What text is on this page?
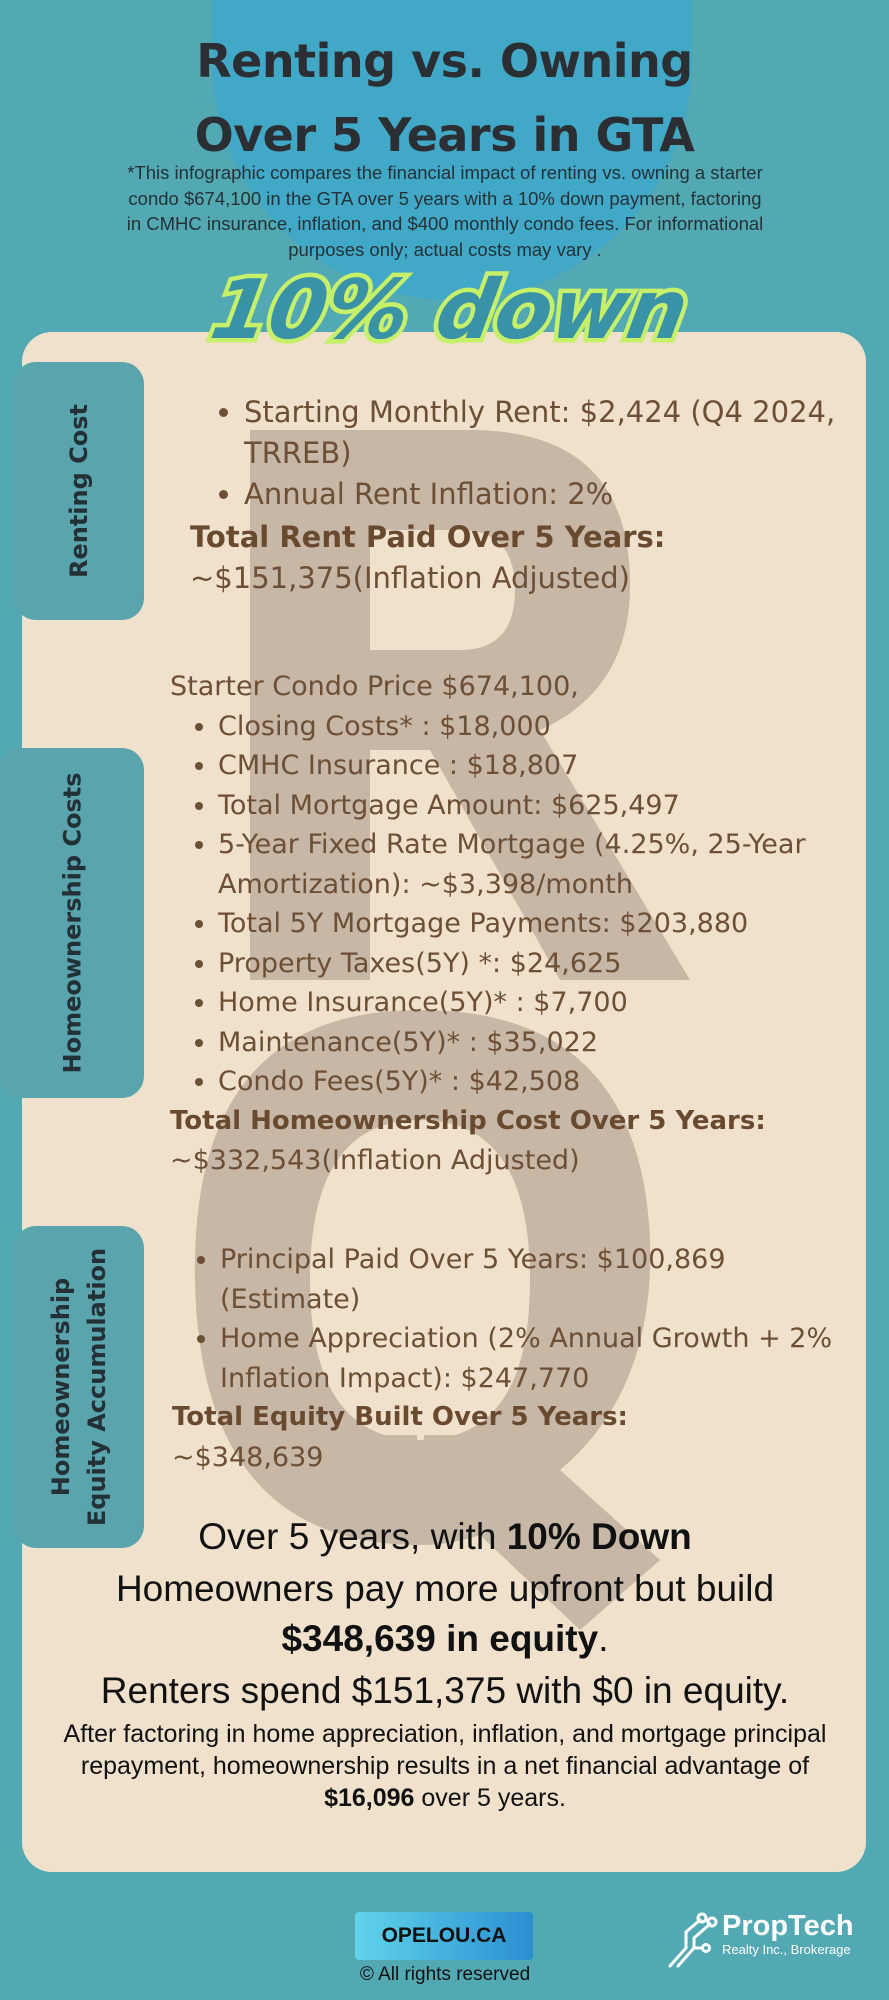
Renting vs. Owning
Over 5 Years in GTA
*This infographic compares the financial impact of renting vs. owning a starter condo $674,100 in the GTA over 5 years with a 10% down payment, factoring in CMHC insurance, inflation, and $400 monthly condo fees. For informational purposes only; actual costs may vary .
10% down
Renting Cost	• Starting Monthly Rent: $2,424 (Q4 2024, TRREB)
• Annual Rent Inflation: 2%
Total Rent Paid Over 5 Years:
~$151,375(Inflation Adjusted)
Homeownership Costs
Starter Condo Price $674,100,
• Closing Costs* : $18,000
• CMHC Insurance : $18,807
• Total Mortgage Amount: $625,497
• 5-Year Fixed Rate Mortgage (4.25%, 25-Year Amortization): ~$3,398/month
• Total 5Y Mortgage Payments: $203,880
• Property Taxes(5Y) *: $24,625
• Home Insurance(5Y)* : $7,700
• Maintenance(5Y)* : $35,022
• Condo Fees(5Y)* : $42,508
Total Homeownership Cost Over 5 Years:
~$332,543(Inflation Adjusted)
Homeownership Equity Accumulation	• Principal Paid Over 5 Years: $100,869 (Estimate)
• Home Appreciation (2% Annual Growth + 2% Inflation Impact): $247,770
Total Equity Built Over 5 Years:
~$348,639
Over 5 years, with 10% Down
Homeowners pay more upfront but build
$348,639 in equity.
Renters spend $151,375 with $0 in equity.
After factoring in home appreciation, inflation, and mortgage principal repayment, homeownership results in a net financial advantage of $16,096 over 5 years.
OPELOU.CA
© All rights reserved
PropTech
Realty Inc., Brokerage
